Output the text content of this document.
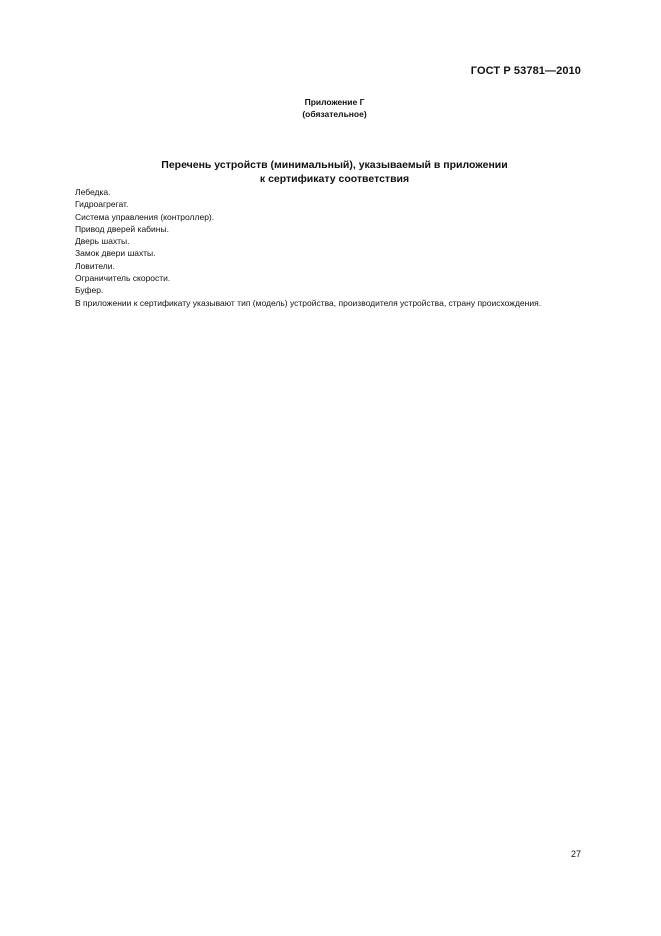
ГОСТ Р 53781—2010
Приложение Г
(обязательное)
Перечень устройств (минимальный), указываемый в приложении
к сертификату соответствия
Лебедка.
Гидроагрегат.
Система управления (контроллер).
Привод дверей кабины.
Дверь шахты.
Замок двери шахты.
Ловители.
Ограничитель скорости.
Буфер.
В приложении к сертификату указывают тип (модель) устройства, производителя устройства, страну происхождения.
27
